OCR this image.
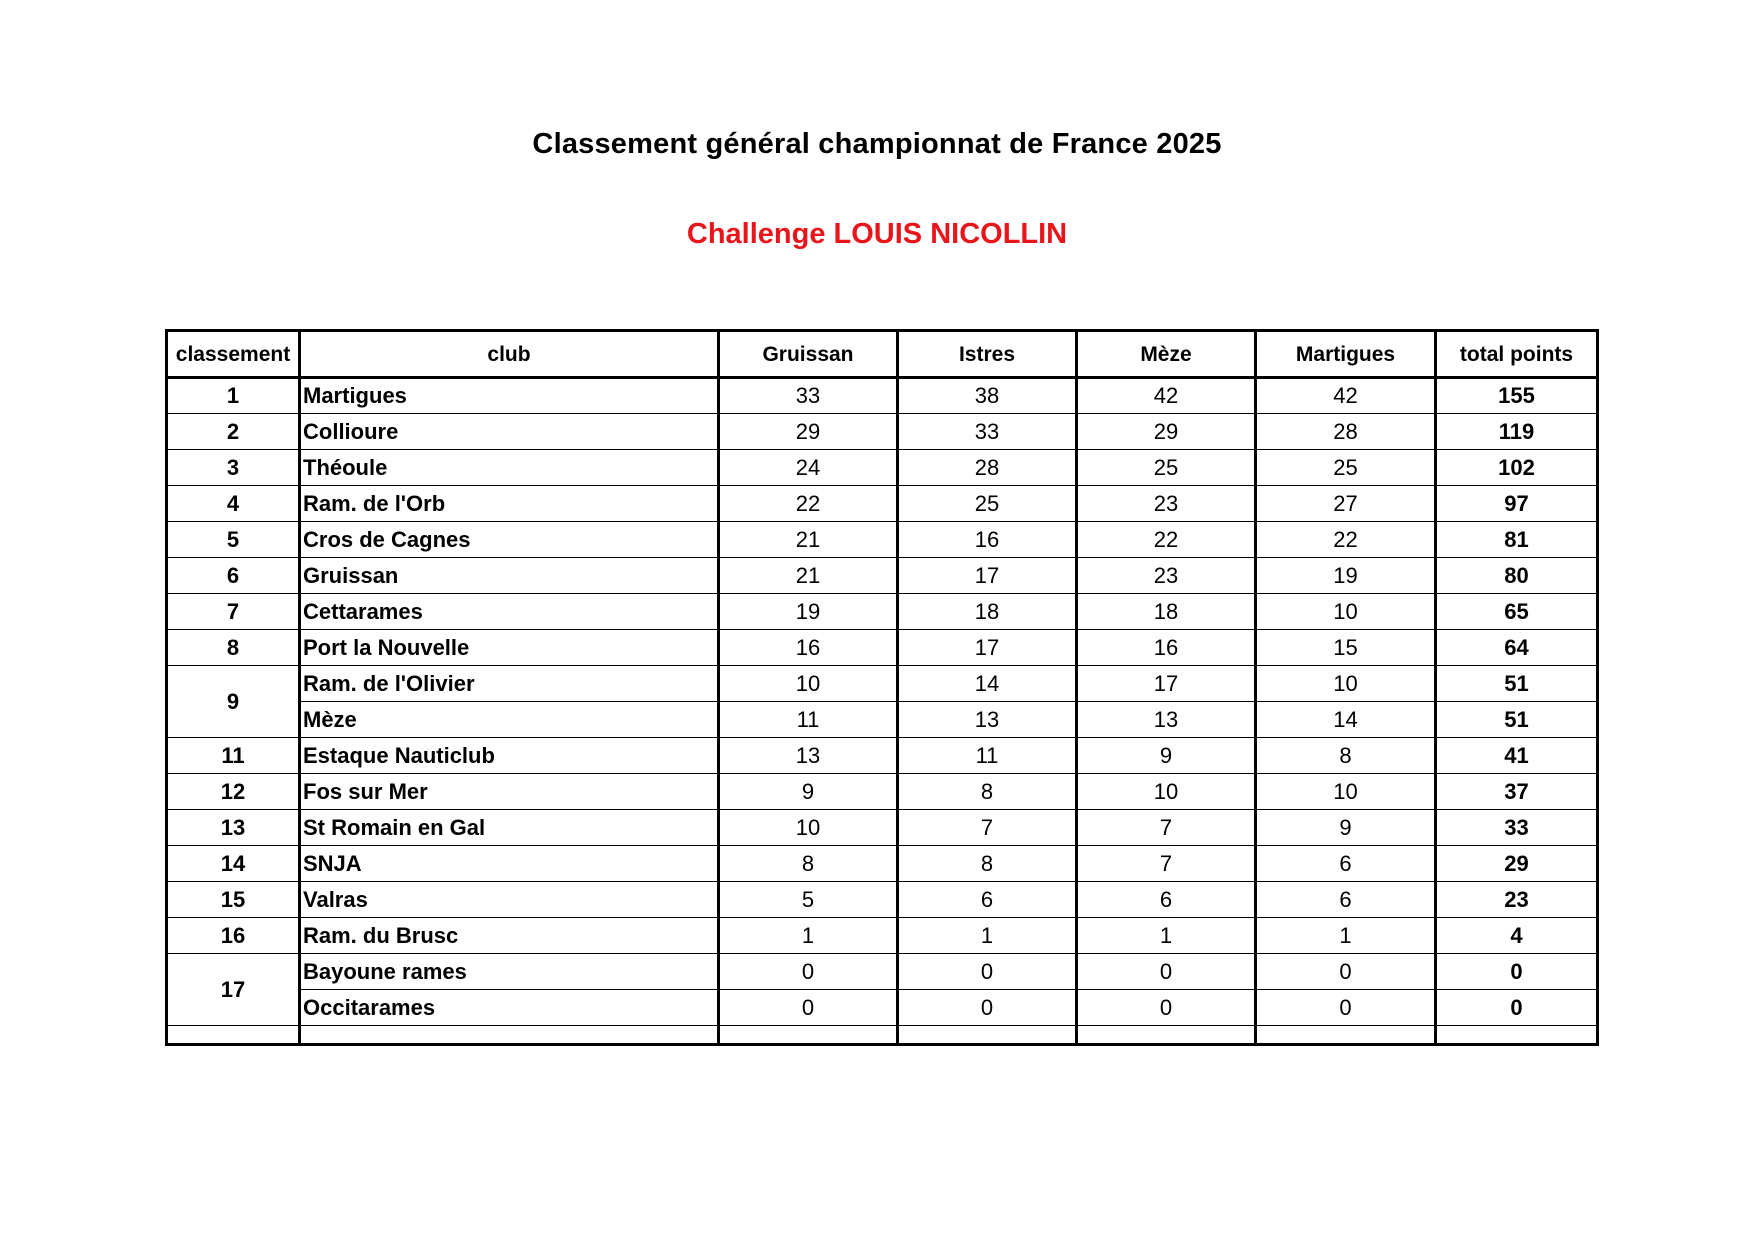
Classement général championnat de France 2025
Challenge LOUIS NICOLLIN
classement	club	Gruissan	Istres	Mèze	Martigues	total points
1	Martigues	33	38	42	42	155
2	Collioure	29	33	29	28	119
3	Théoule	24	28	25	25	102
4	Ram. de l'Orb	22	25	23	27	97
5	Cros de Cagnes	21	16	22	22	81
6	Gruissan	21	17	23	19	80
7	Cettarames	19	18	18	10	65
8	Port la Nouvelle	16	17	16	15	64
9	Ram. de l'Olivier	10	14	17	10	51
	Mèze	11	13	13	14	51
11	Estaque Nauticlub	13	11	9	8	41
12	Fos sur Mer	9	8	10	10	37
13	St Romain en Gal	10	7	7	9	33
14	SNJA	8	8	7	6	29
15	Valras	5	6	6	6	23
16	Ram. du Brusc	1	1	1	1	4
17	Bayoune rames	0	0	0	0	0
	Occitarames	0	0	0	0	0
